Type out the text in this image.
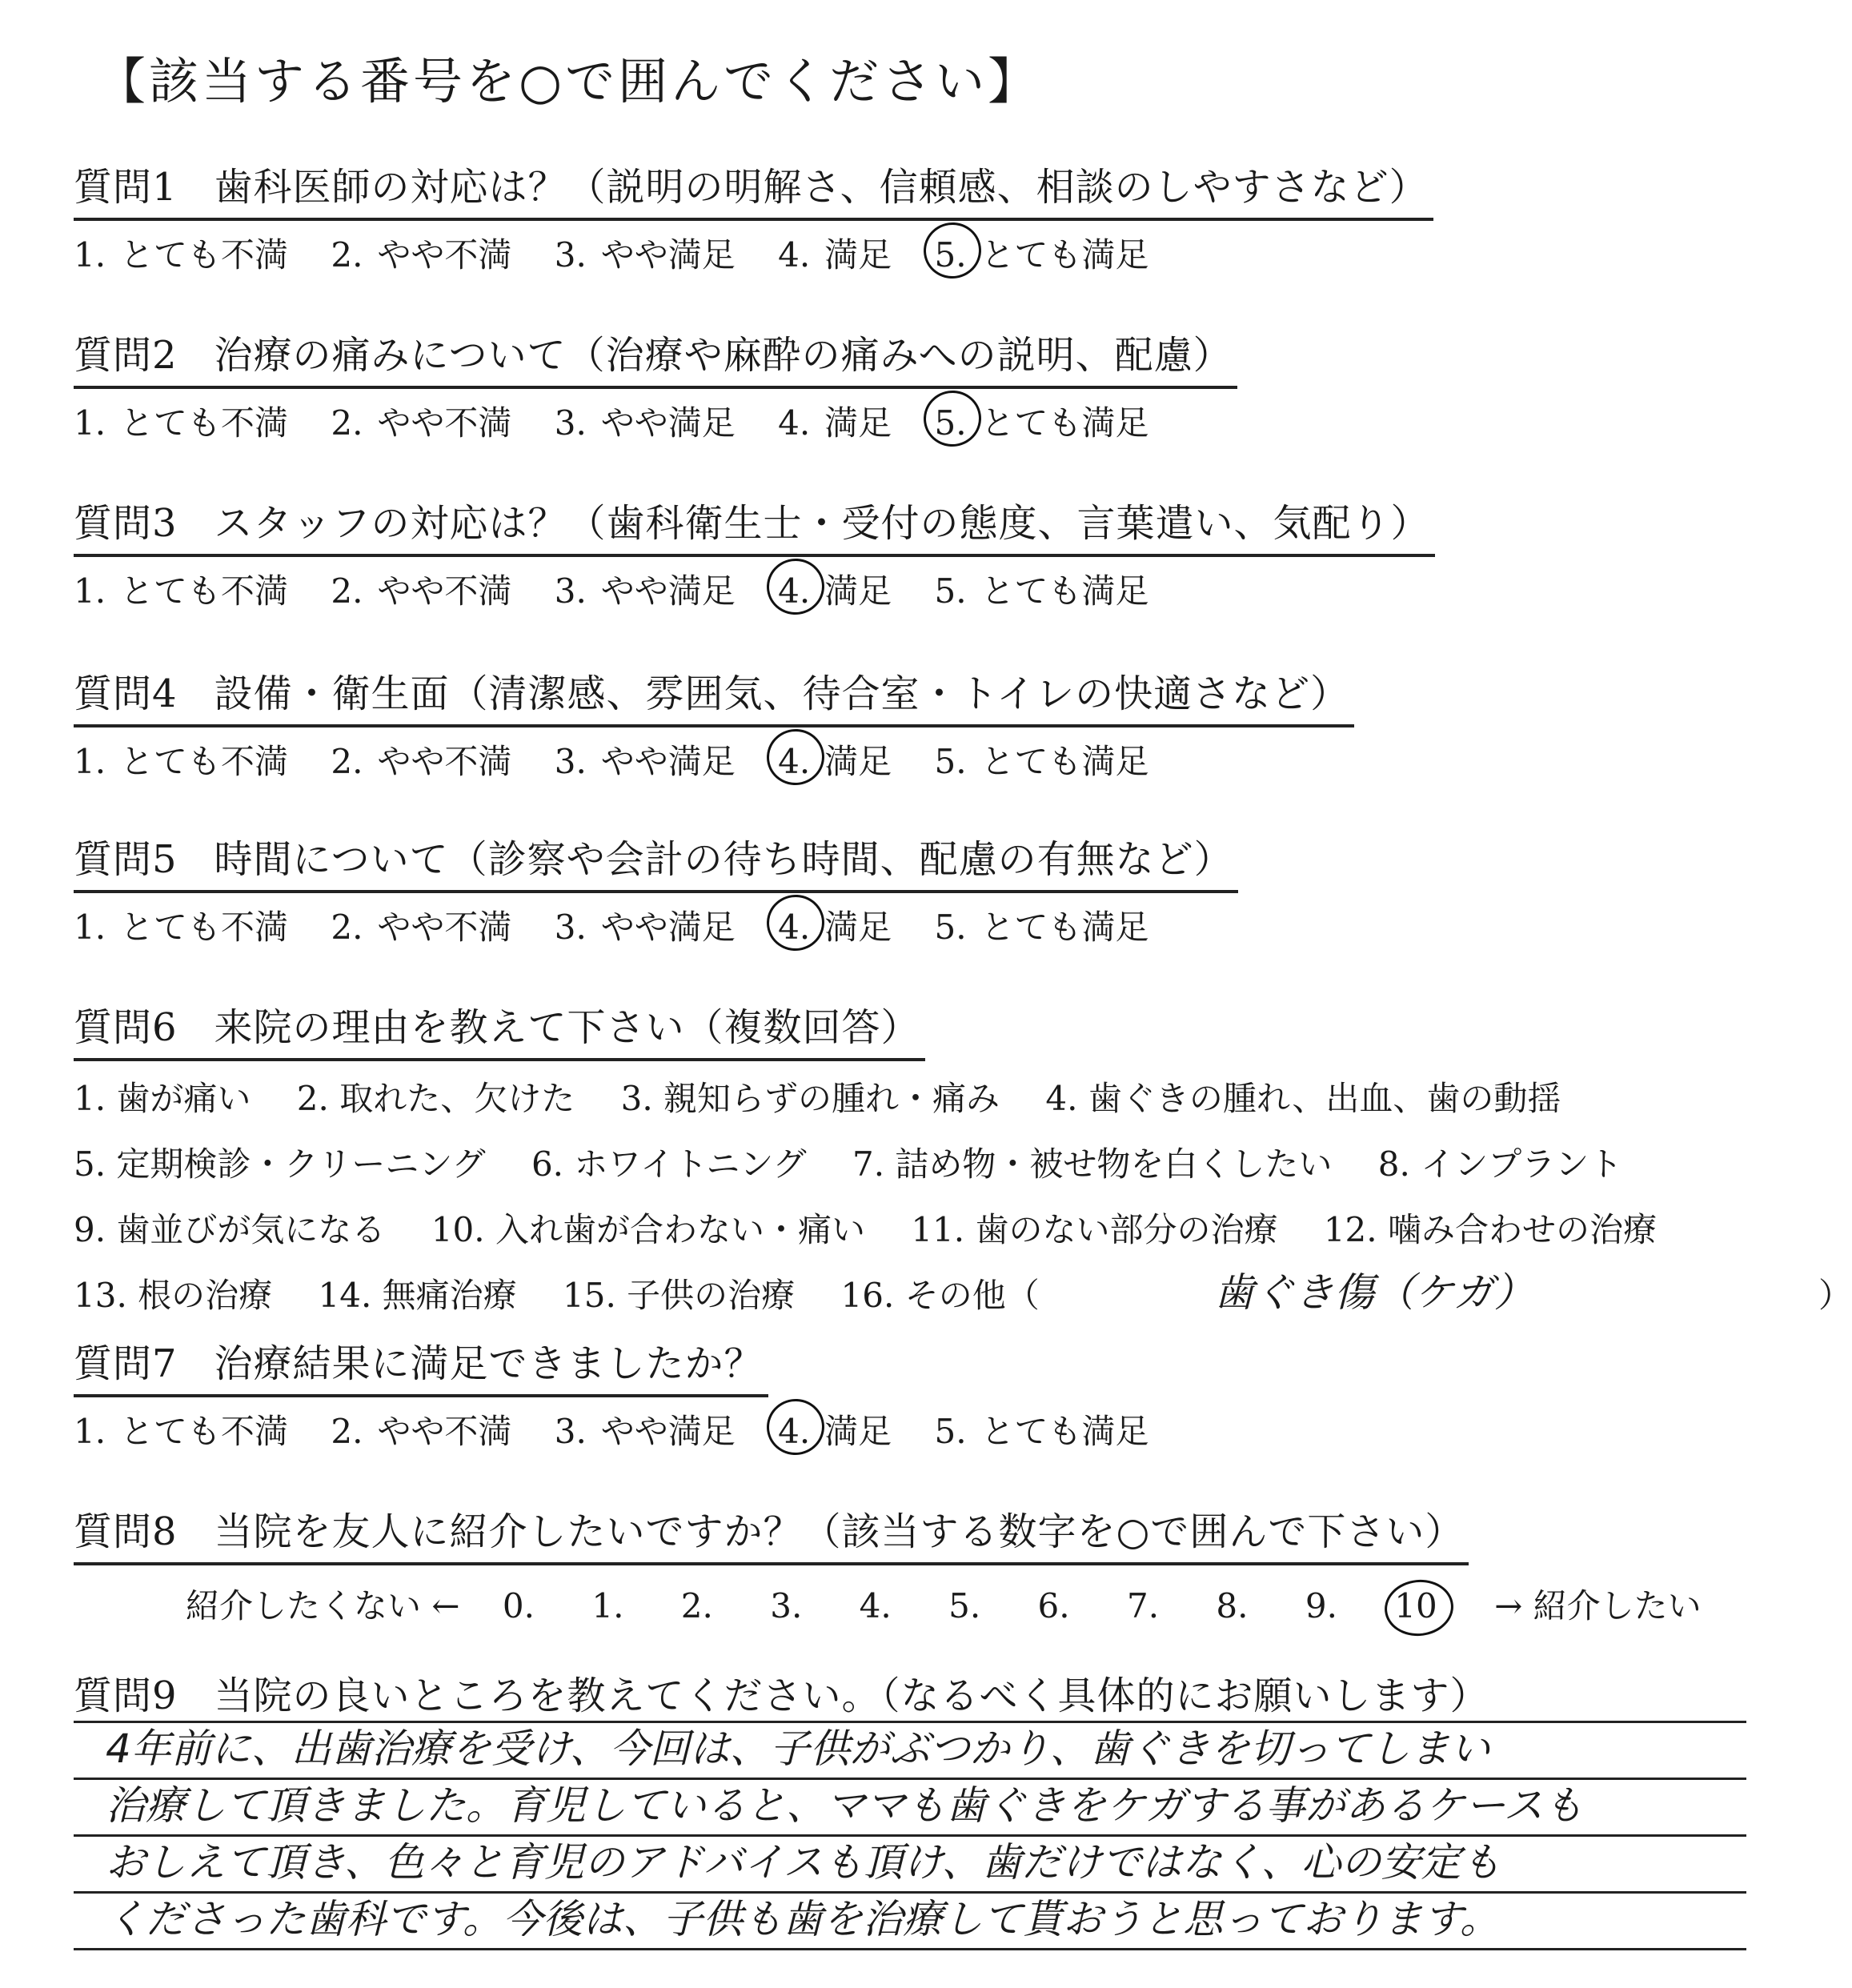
【該当する番号を○で囲んでください】
質問1 歯科医師の対応は？（説明の明解さ、信頼感、相談のしやすさなど）
1. とても不満 2. やや不満 3. やや満足 4. 満足 5. とても満足
質問2 治療の痛みについて（治療や麻酔の痛みへの説明、配慮）
1. とても不満 2. やや不満 3. やや満足 4. 満足 5. とても満足
質問3 スタッフの対応は？（歯科衛生士・受付の態度、言葉遣い、気配り）
1. とても不満 2. やや不満 3. やや満足 4. 満足 5. とても満足
質問4 設備・衛生面（清潔感、雰囲気、待合室・トイレの快適さなど）
1. とても不満 2. やや不満 3. やや満足 4. 満足 5. とても満足
質問5 時間について（診察や会計の待ち時間、配慮の有無など）
1. とても不満 2. やや不満 3. やや満足 4. 満足 5. とても満足
質問6 来院の理由を教えて下さい（複数回答）
1. 歯が痛い 2. 取れた、欠けた 3. 親知らずの腫れ・痛み 4. 歯ぐきの腫れ、出血、歯の動揺
5. 定期検診・クリーニング 6. ホワイトニング 7. 詰め物・被せ物を白くしたい 8. インプラント
9. 歯並びが気になる 10. 入れ歯が合わない・痛い 11. 歯のない部分の治療 12. 噛み合わせの治療
13. 根の治療 14. 無痛治療 15. 子供の治療 16. その他（	歯ぐき傷（ケガ）	）
質問7 治療結果に満足できましたか？
1. とても不満 2. やや不満 3. やや満足 4. 満足 5. とても満足
質問8 当院を友人に紹介したいですか？（該当する数字を○で囲んで下さい）
紹介したくない ← 0. 1. 2. 3. 4. 5. 6. 7. 8. 9. 10 → 紹介したい
質問9 当院の良いところを教えてください。（なるべく具体的にお願いします）
4年前に、出歯治療を受け、今回は、子供がぶつかり、歯ぐきを切ってしまい
治療して頂きました。育児していると、ママも歯ぐきをケガする事があるケースも
おしえて頂き、色々と育児のアドバイスも頂け、歯だけではなく、心の安定も
くださった歯科です。今後は、子供も歯を治療して貰おうと思っております。
